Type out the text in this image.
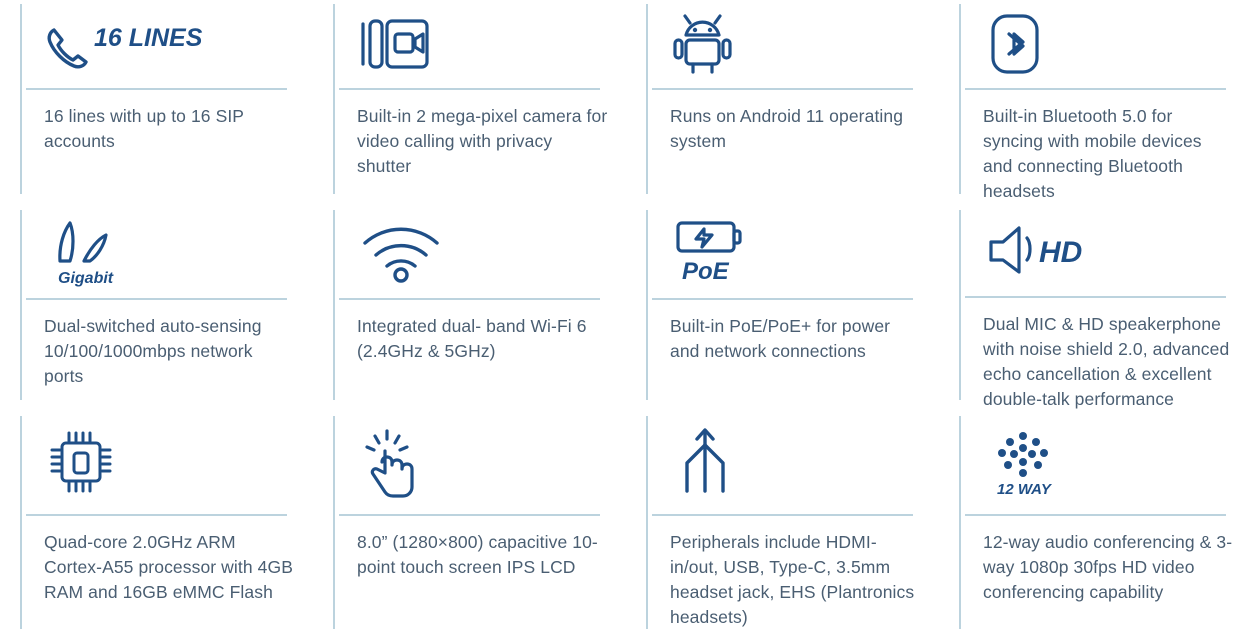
16 LINES
16 lines with up to 16 SIP accounts
Built-in 2 mega-pixel camera for video calling with privacy shutter
Runs on Android 11 operating system
Built-in Bluetooth 5.0 for syncing with mobile devices and connecting Bluetooth headsets
Gigabit
Dual-switched auto-sensing 10/100/1000mbps network ports
Integrated dual- band Wi-Fi 6 (2.4GHz & 5GHz)
PoE
Built-in PoE/PoE+ for power and network connections
HD
Dual MIC & HD speakerphone with noise shield 2.0, advanced echo cancellation & excellent double-talk performance
Quad-core 2.0GHz ARM Cortex-A55 processor with 4GB RAM and 16GB eMMC Flash
8.0” (1280×800) capacitive 10-point touch screen IPS LCD
Peripherals include HDMI-in/out, USB, Type-C, 3.5mm headset jack, EHS (Plantronics headsets)
12 WAY
12-way audio conferencing & 3-way 1080p 30fps HD video conferencing capability
